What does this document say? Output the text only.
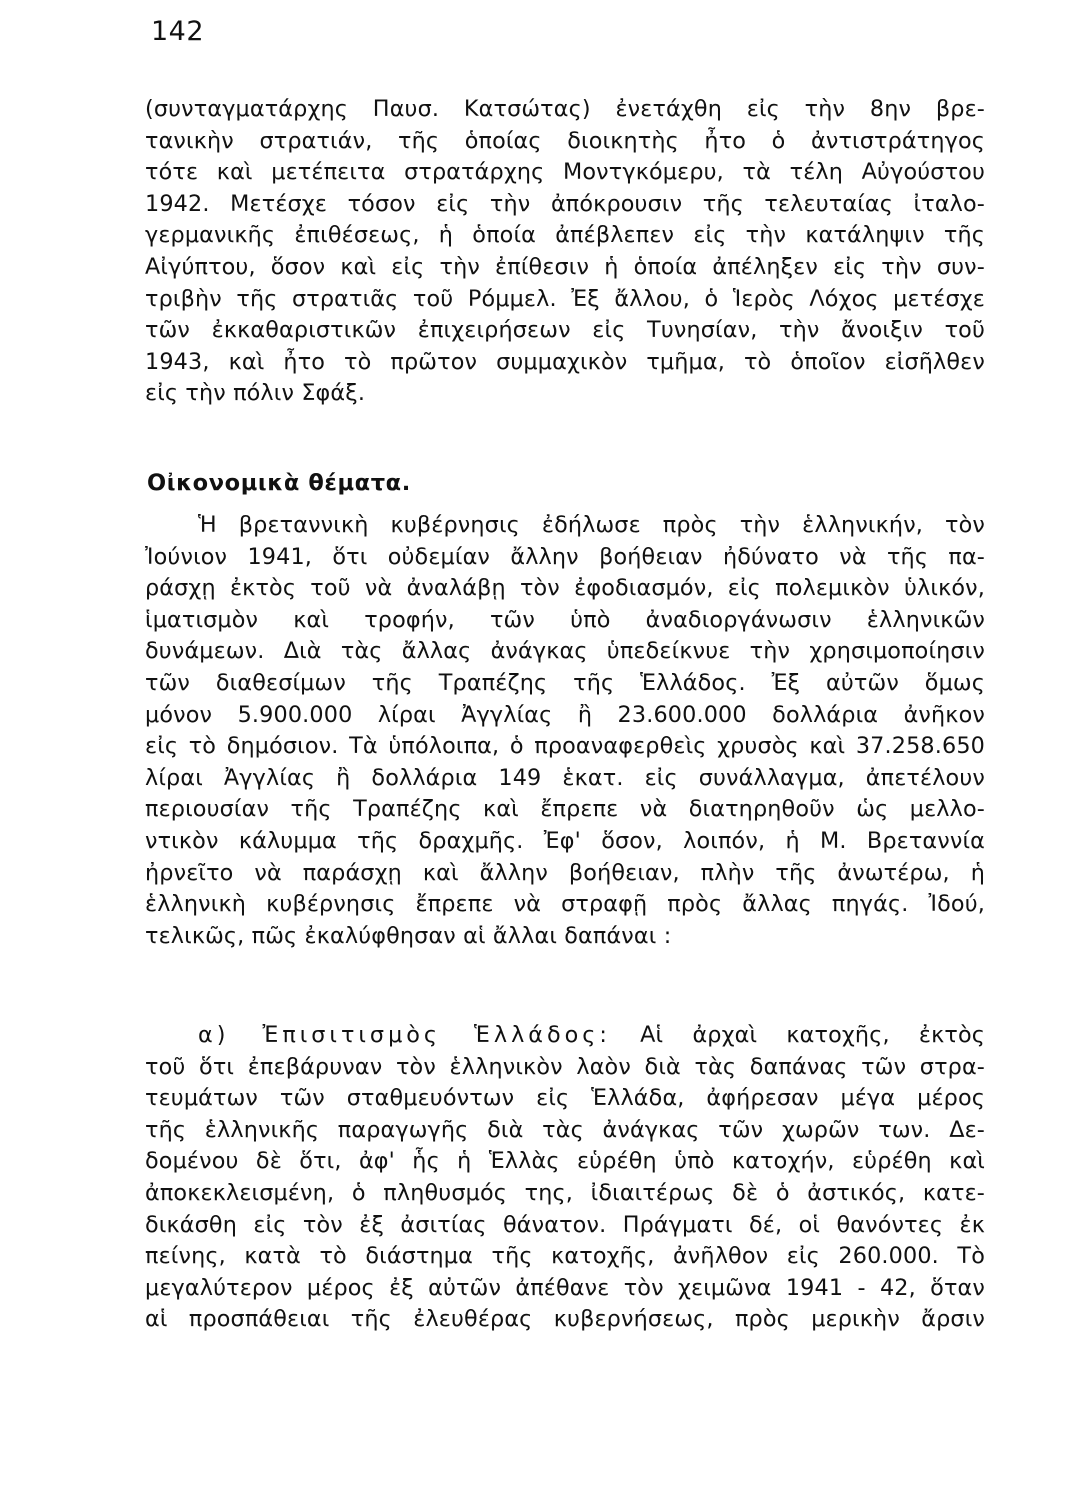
142
(συνταγματάρχης Παυσ. Κατσώτας) ἐνετάχθη εἰς τὴν 8ην βρε-
τανικὴν στρατιάν, τῆς ὁποίας διοικητὴς ἦτο ὁ ἀντιστράτηγος
τότε καὶ μετέπειτα στρατάρχης Μοντγκόμερυ, τὰ τέλη Αὐγούστου
1942. Μετέσχε τόσον εἰς τὴν ἀπόκρουσιν τῆς τελευταίας ἰταλο-
γερμανικῆς ἐπιθέσεως, ἡ ὁποία ἀπέβλεπεν εἰς τὴν κατάληψιν τῆς
Αἰγύπτου, ὅσον καὶ εἰς τὴν ἐπίθεσιν ἡ ὁποία ἀπέληξεν εἰς τὴν συν-
τριβὴν τῆς στρατιᾶς τοῦ Ρόμμελ. Ἐξ ἄλλου, ὁ Ἱερὸς Λόχος μετέσχε
τῶν ἐκκαθαριστικῶν ἐπιχειρήσεων εἰς Τυνησίαν, τὴν ἄνοιξιν τοῦ
1943, καὶ ἦτο τὸ πρῶτον συμμαχικὸν τμῆμα, τὸ ὁποῖον εἰσῆλθεν
εἰς τὴν πόλιν Σφάξ.
Οἰκονομικὰ θέματα.
Ἡ βρεταννικὴ κυβέρνησις ἐδήλωσε πρὸς τὴν ἑλληνικήν, τὸν
Ἰούνιον 1941, ὅτι οὐδεμίαν ἄλλην βοήθειαν ἠδύνατο νὰ τῆς πα-
ράσχῃ ἐκτὸς τοῦ νὰ ἀναλάβῃ τὸν ἐφοδιασμόν, εἰς πολεμικὸν ὑλικόν,
ἱματισμὸν καὶ τροφήν, τῶν ὑπὸ ἀναδιοργάνωσιν ἑλληνικῶν
δυνάμεων. Διὰ τὰς ἄλλας ἀνάγκας ὑπεδείκνυε τὴν χρησιμοποίησιν
τῶν διαθεσίμων τῆς Τραπέζης τῆς Ἑλλάδος. Ἐξ αὐτῶν ὅμως
μόνον 5.900.000 λίραι Ἀγγλίας ἢ 23.600.000 δολλάρια ἀνῆκον
εἰς τὸ δημόσιον. Τὰ ὑπόλοιπα, ὁ προαναφερθεὶς χρυσὸς καὶ 37.258.650
λίραι Ἀγγλίας ἢ δολλάρια 149 ἑκατ. εἰς συνάλλαγμα, ἀπετέλουν
περιουσίαν τῆς Τραπέζης καὶ ἔπρεπε νὰ διατηρηθοῦν ὡς μελλο-
ντικὸν κάλυμμα τῆς δραχμῆς. Ἐφ' ὅσον, λοιπόν, ἡ Μ. Βρεταννία
ἠρνεῖτο νὰ παράσχῃ καὶ ἄλλην βοήθειαν, πλὴν τῆς ἀνωτέρω, ἡ
ἑλληνικὴ κυβέρνησις ἔπρεπε νὰ στραφῇ πρὸς ἄλλας πηγάς. Ἰδού,
τελικῶς, πῶς ἐκαλύφθησαν αἱ ἄλλαι δαπάναι :
α) Ἐπισιτισμὸς Ἑλλάδος: Αἱ ἀρχαὶ κατοχῆς, ἐκτὸς
τοῦ ὅτι ἐπεβάρυναν τὸν ἑλληνικὸν λαὸν διὰ τὰς δαπάνας τῶν στρα-
τευμάτων τῶν σταθμευόντων εἰς Ἑλλάδα, ἀφήρεσαν μέγα μέρος
τῆς ἑλληνικῆς παραγωγῆς διὰ τὰς ἀνάγκας τῶν χωρῶν των. Δε-
δομένου δὲ ὅτι, ἀφ' ἧς ἡ Ἑλλὰς εὑρέθη ὑπὸ κατοχήν, εὑρέθη καὶ
ἀποκεκλεισμένη, ὁ πληθυσμός της, ἰδιαιτέρως δὲ ὁ ἀστικός, κατε-
δικάσθη εἰς τὸν ἐξ ἀσιτίας θάνατον. Πράγματι δέ, οἱ θανόντες ἐκ
πείνης, κατὰ τὸ διάστημα τῆς κατοχῆς, ἀνῆλθον εἰς 260.000. Τὸ
μεγαλύτερον μέρος ἐξ αὐτῶν ἀπέθανε τὸν χειμῶνα 1941 - 42, ὅταν
αἱ προσπάθειαι τῆς ἐλευθέρας κυβερνήσεως, πρὸς μερικὴν ἄρσιν
